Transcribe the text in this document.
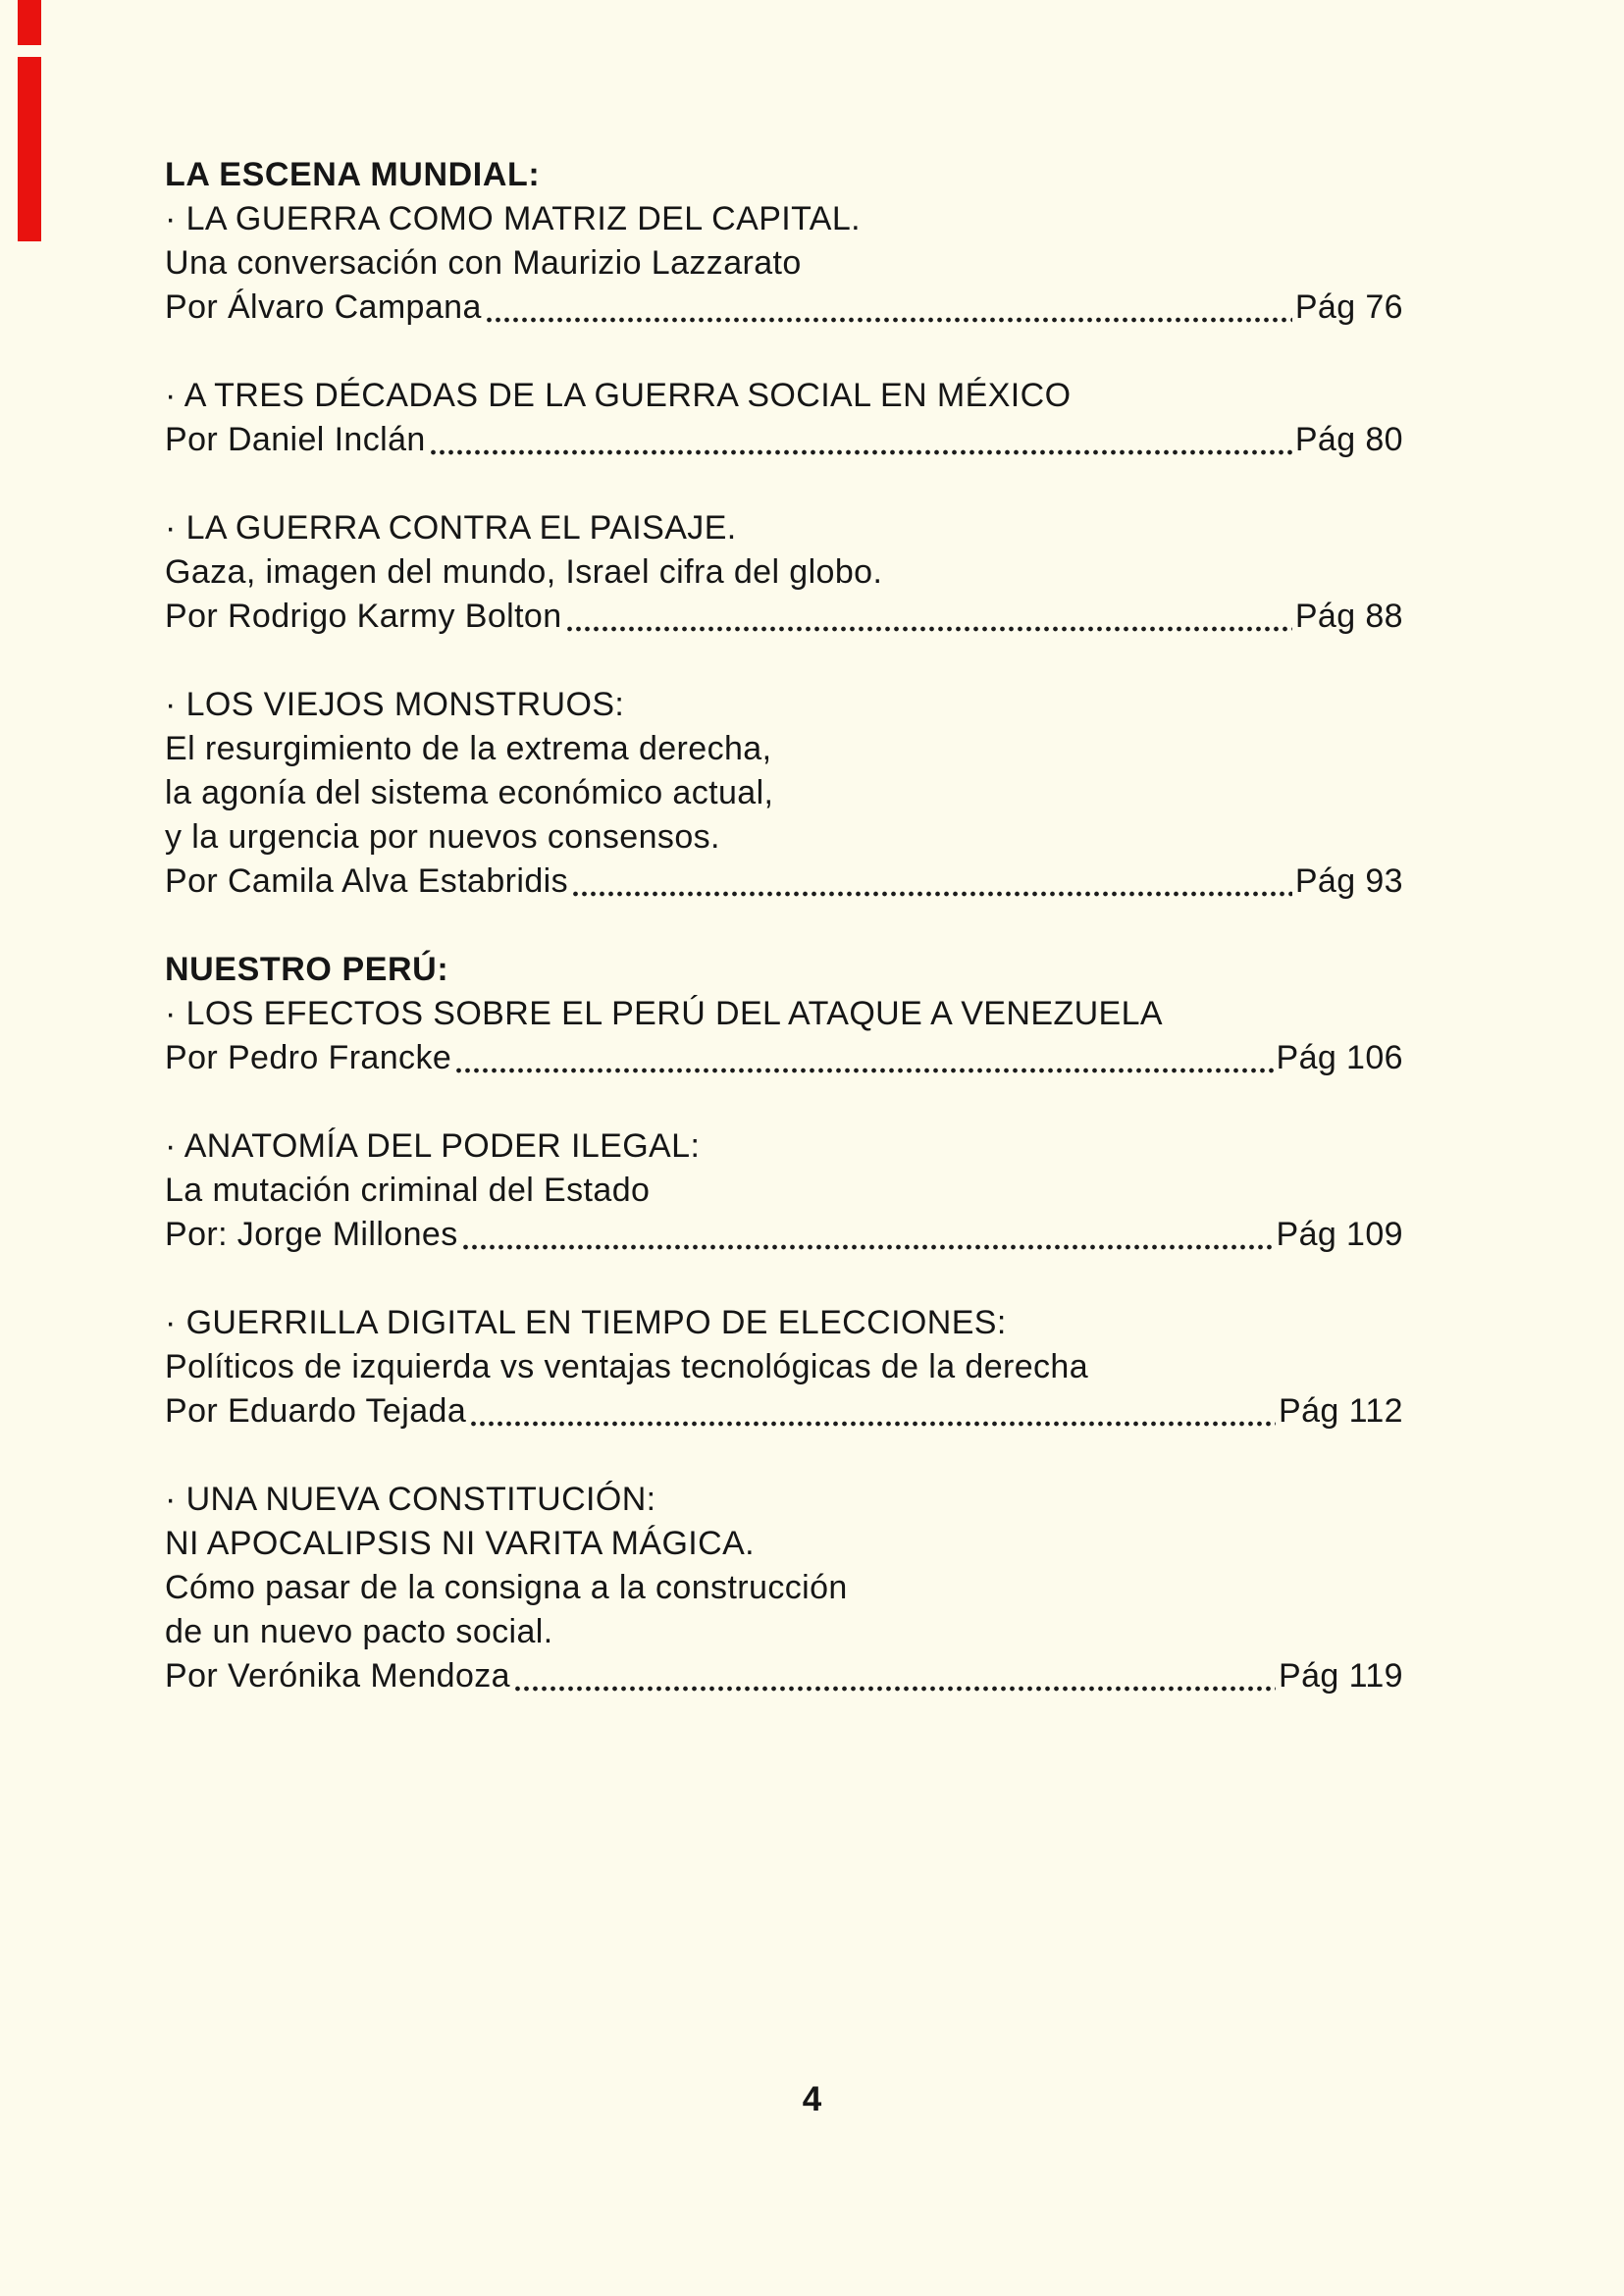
LA ESCENA MUNDIAL:
· LA GUERRA COMO MATRIZ DEL CAPITAL.
Una conversación con Maurizio Lazzarato
Por Álvaro Campana	Pág 76
· A TRES DÉCADAS DE LA GUERRA SOCIAL EN MÉXICO
Por Daniel Inclán	Pág 80
· LA GUERRA CONTRA EL PAISAJE.
Gaza, imagen del mundo, Israel cifra del globo.
Por Rodrigo Karmy Bolton	Pág 88
· LOS VIEJOS MONSTRUOS:
El resurgimiento de la extrema derecha,
la agonía del sistema económico actual,
y la urgencia por nuevos consensos.
Por Camila Alva Estabridis	Pág 93
NUESTRO PERÚ:
· LOS EFECTOS SOBRE EL PERÚ DEL ATAQUE A VENEZUELA
Por Pedro Francke	Pág 106
· ANATOMÍA DEL PODER ILEGAL:
La mutación criminal del Estado
Por: Jorge Millones	Pág 109
· GUERRILLA DIGITAL EN TIEMPO DE ELECCIONES:
Políticos de izquierda vs ventajas tecnológicas de la derecha
Por Eduardo Tejada	Pág 112
· UNA NUEVA CONSTITUCIÓN:
NI APOCALIPSIS NI VARITA MÁGICA.
Cómo pasar de la consigna a la construcción
de un nuevo pacto social.
Por Verónika Mendoza	Pág 119
4
